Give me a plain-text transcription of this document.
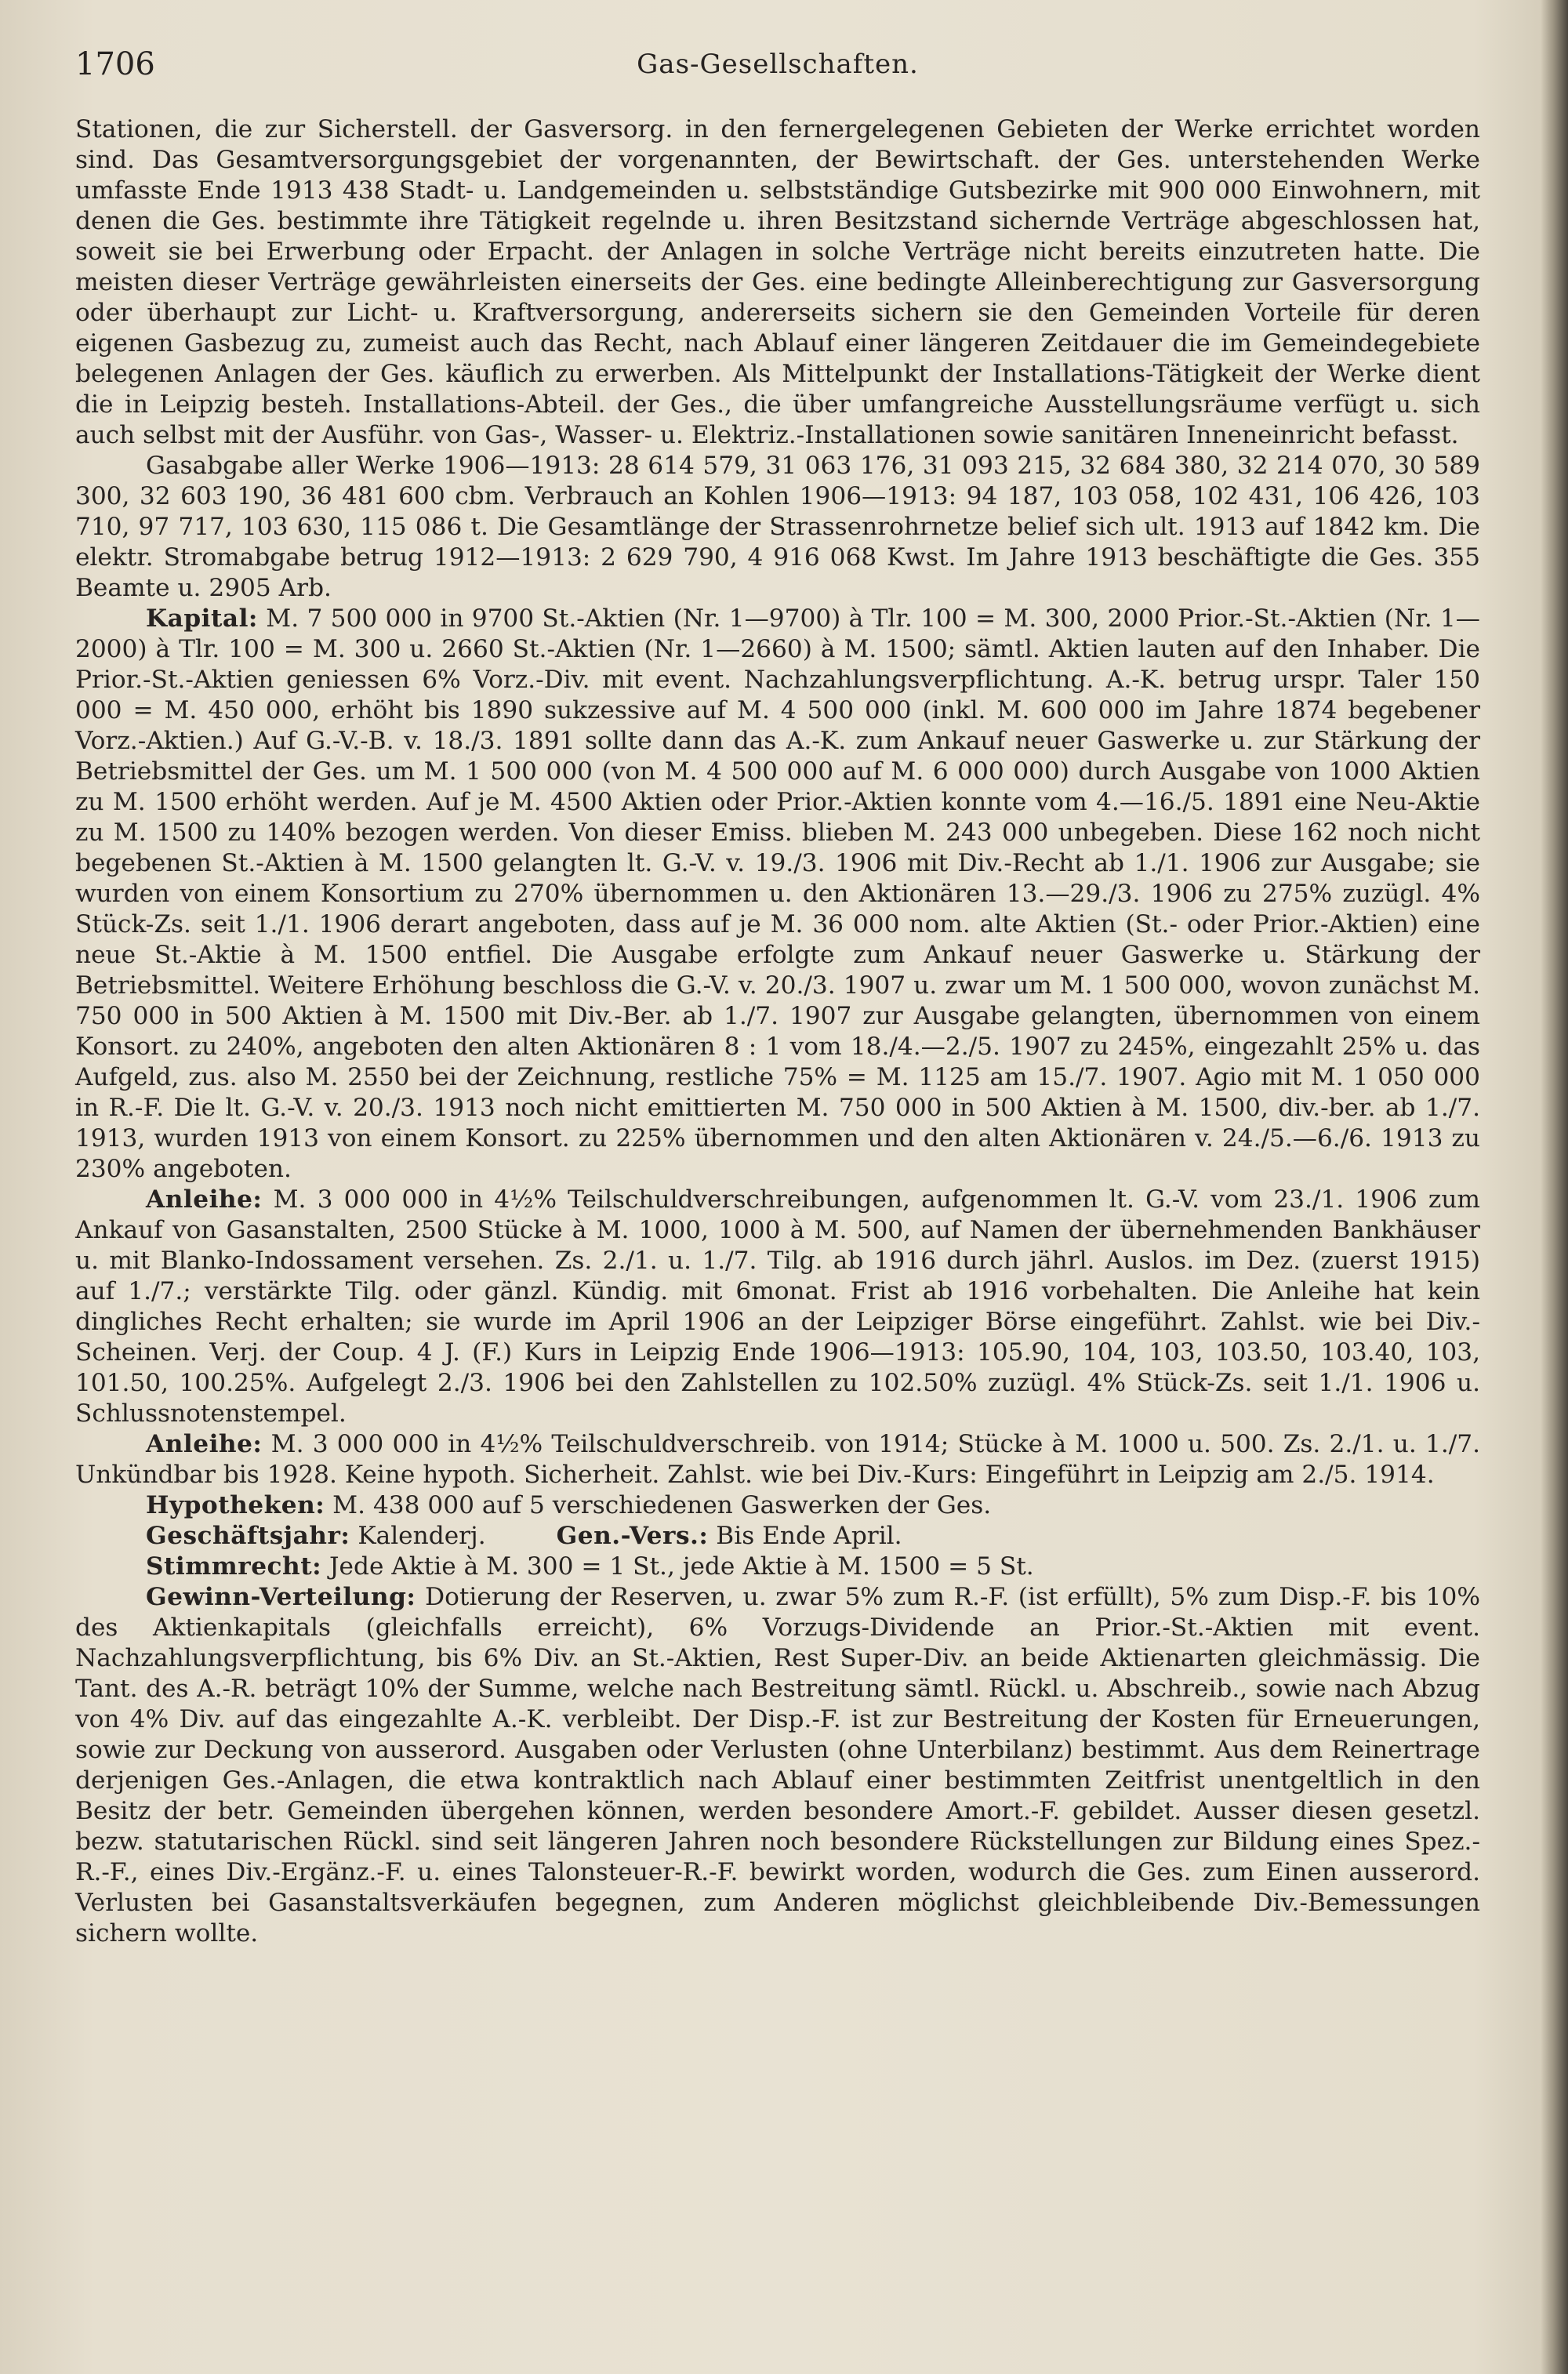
1706	Gas-Gesellschaften.

Stationen, die zur Sicherstell. der Gasversorg. in den fernergelegenen Gebieten der Werke errichtet worden sind. Das Gesamtversorgungsgebiet der vorgenannten, der Bewirtschaft. der Ges. unterstehenden Werke umfasste Ende 1913 438 Stadt- u. Landgemeinden u. selbstständige Gutsbezirke mit 900 000 Einwohnern, mit denen die Ges. bestimmte ihre Tätigkeit regelnde u. ihren Besitzstand sichernde Verträge abgeschlossen hat, soweit sie bei Erwerbung oder Erpacht. der Anlagen in solche Verträge nicht bereits einzutreten hatte. Die meisten dieser Verträge gewährleisten einerseits der Ges. eine bedingte Alleinberechtigung zur Gasversorgung oder überhaupt zur Licht- u. Kraftversorgung, andererseits sichern sie den Gemeinden Vorteile für deren eigenen Gasbezug zu, zumeist auch das Recht, nach Ablauf einer längeren Zeitdauer die im Gemeindegebiete belegenen Anlagen der Ges. käuflich zu erwerben. Als Mittelpunkt der Installations-Tätigkeit der Werke dient die in Leipzig besteh. Installations-Abteil. der Ges., die über umfangreiche Ausstellungsräume verfügt u. sich auch selbst mit der Ausführ. von Gas-, Wasser- u. Elektriz.-Installationen sowie sanitären Inneneinricht befasst.

Gasabgabe aller Werke 1906—1913: 28 614 579, 31 063 176, 31 093 215, 32 684 380, 32 214 070, 30 589 300, 32 603 190, 36 481 600 cbm. Verbrauch an Kohlen 1906—1913: 94 187, 103 058, 102 431, 106 426, 103 710, 97 717, 103 630, 115 086 t. Die Gesamtlänge der Strassenrohrnetze belief sich ult. 1913 auf 1842 km. Die elektr. Stromabgabe betrug 1912—1913: 2 629 790, 4 916 068 Kwst. Im Jahre 1913 beschäftigte die Ges. 355 Beamte u. 2905 Arb.

Kapital: M. 7 500 000 in 9700 St.-Aktien (Nr. 1—9700) à Tlr. 100 = M. 300, 2000 Prior.-St.-Aktien (Nr. 1—2000) à Tlr. 100 = M. 300 u. 2660 St.-Aktien (Nr. 1—2660) à M. 1500; sämtl. Aktien lauten auf den Inhaber. Die Prior.-St.-Aktien geniessen 6% Vorz.-Div. mit event. Nachzahlungsverpflichtung. A.-K. betrug urspr. Taler 150 000 = M. 450 000, erhöht bis 1890 sukzessive auf M. 4 500 000 (inkl. M. 600 000 im Jahre 1874 begebener Vorz.-Aktien.) Auf G.-V.-B. v. 18./3. 1891 sollte dann das A.-K. zum Ankauf neuer Gaswerke u. zur Stärkung der Betriebsmittel der Ges. um M. 1 500 000 (von M. 4 500 000 auf M. 6 000 000) durch Ausgabe von 1000 Aktien zu M. 1500 erhöht werden. Auf je M. 4500 Aktien oder Prior.-Aktien konnte vom 4.—16./5. 1891 eine Neu-Aktie zu M. 1500 zu 140% bezogen werden. Von dieser Emiss. blieben M. 243 000 unbegeben. Diese 162 noch nicht begebenen St.-Aktien à M. 1500 gelangten lt. G.-V. v. 19./3. 1906 mit Div.-Recht ab 1./1. 1906 zur Ausgabe; sie wurden von einem Konsortium zu 270% übernommen u. den Aktionären 13.—29./3. 1906 zu 275% zuzügl. 4% Stück-Zs. seit 1./1. 1906 derart angeboten, dass auf je M. 36 000 nom. alte Aktien (St.- oder Prior.-Aktien) eine neue St.-Aktie à M. 1500 entfiel. Die Ausgabe erfolgte zum Ankauf neuer Gaswerke u. Stärkung der Betriebsmittel. Weitere Erhöhung beschloss die G.-V. v. 20./3. 1907 u. zwar um M. 1 500 000, wovon zunächst M. 750 000 in 500 Aktien à M. 1500 mit Div.-Ber. ab 1./7. 1907 zur Ausgabe gelangten, übernommen von einem Konsort. zu 240%, angeboten den alten Aktionären 8 : 1 vom 18./4.—2./5. 1907 zu 245%, eingezahlt 25% u. das Aufgeld, zus. also M. 2550 bei der Zeichnung, restliche 75% = M. 1125 am 15./7. 1907. Agio mit M. 1 050 000 in R.-F. Die lt. G.-V. v. 20./3. 1913 noch nicht emittierten M. 750 000 in 500 Aktien à M. 1500, div.-ber. ab 1./7. 1913, wurden 1913 von einem Konsort. zu 225% übernommen und den alten Aktionären v. 24./5.—6./6. 1913 zu 230% angeboten.

Anleihe: M. 3 000 000 in 4½% Teilschuldverschreibungen, aufgenommen lt. G.-V. vom 23./1. 1906 zum Ankauf von Gasanstalten, 2500 Stücke à M. 1000, 1000 à M. 500, auf Namen der übernehmenden Bankhäuser u. mit Blanko-Indossament versehen. Zs. 2./1. u. 1./7. Tilg. ab 1916 durch jährl. Auslos. im Dez. (zuerst 1915) auf 1./7.; verstärkte Tilg. oder gänzl. Kündig. mit 6monat. Frist ab 1916 vorbehalten. Die Anleihe hat kein dingliches Recht erhalten; sie wurde im April 1906 an der Leipziger Börse eingeführt. Zahlst. wie bei Div.-Scheinen. Verj. der Coup. 4 J. (F.) Kurs in Leipzig Ende 1906—1913: 105.90, 104, 103, 103.50, 103.40, 103, 101.50, 100.25%. Aufgelegt 2./3. 1906 bei den Zahlstellen zu 102.50% zuzügl. 4% Stück-Zs. seit 1./1. 1906 u. Schlussnotenstempel.

Anleihe: M. 3 000 000 in 4½% Teilschuldverschreib. von 1914; Stücke à M. 1000 u. 500. Zs. 2./1. u. 1./7. Unkündbar bis 1928. Keine hypoth. Sicherheit. Zahlst. wie bei Div.-Kurs: Eingeführt in Leipzig am 2./5. 1914.

Hypotheken: M. 438 000 auf 5 verschiedenen Gaswerken der Ges.

Geschäftsjahr: Kalenderj.	Gen.-Vers.: Bis Ende April.

Stimmrecht: Jede Aktie à M. 300 = 1 St., jede Aktie à M. 1500 = 5 St.

Gewinn-Verteilung: Dotierung der Reserven, u. zwar 5% zum R.-F. (ist erfüllt), 5% zum Disp.-F. bis 10% des Aktienkapitals (gleichfalls erreicht), 6% Vorzugs-Dividende an Prior.-St.-Aktien mit event. Nachzahlungsverpflichtung, bis 6% Div. an St.-Aktien, Rest Super-Div. an beide Aktienarten gleichmässig. Die Tant. des A.-R. beträgt 10% der Summe, welche nach Bestreitung sämtl. Rückl. u. Abschreib., sowie nach Abzug von 4% Div. auf das eingezahlte A.-K. verbleibt. Der Disp.-F. ist zur Bestreitung der Kosten für Erneuerungen, sowie zur Deckung von ausserord. Ausgaben oder Verlusten (ohne Unterbilanz) bestimmt. Aus dem Reinertrage derjenigen Ges.-Anlagen, die etwa kontraktlich nach Ablauf einer bestimmten Zeitfrist unentgeltlich in den Besitz der betr. Gemeinden übergehen können, werden besondere Amort.-F. gebildet. Ausser diesen gesetzl. bezw. statutarischen Rückl. sind seit längeren Jahren noch besondere Rückstellungen zur Bildung eines Spez.-R.-F., eines Div.-Ergänz.-F. u. eines Talonsteuer-R.-F. bewirkt worden, wodurch die Ges. zum Einen ausserord. Verlusten bei Gasanstaltsverkäufen begegnen, zum Anderen möglichst gleichbleibende Div.-Bemessungen sichern wollte.
